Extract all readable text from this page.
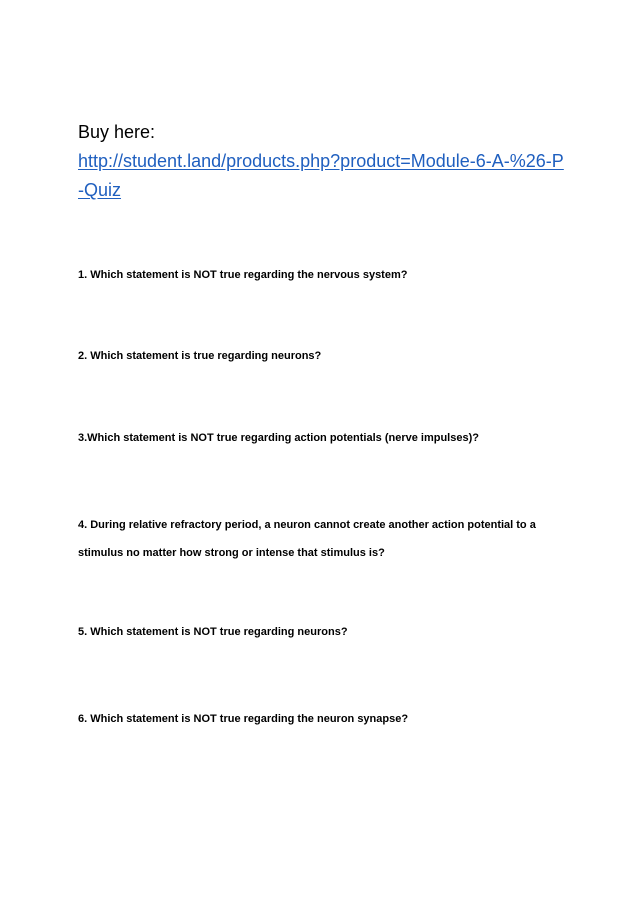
Buy here:
http://student.land/products.php?product=Module-6-A-%26-P-Quiz

1. Which statement is NOT true regarding the nervous system?

2. Which statement is true regarding neurons?

3.Which statement is NOT true regarding action potentials (nerve impulses)?

4. During relative refractory period, a neuron cannot create another action potential to a stimulus no matter how strong or intense that stimulus is?

5. Which statement is NOT true regarding neurons?

6. Which statement is NOT true regarding the neuron synapse?
